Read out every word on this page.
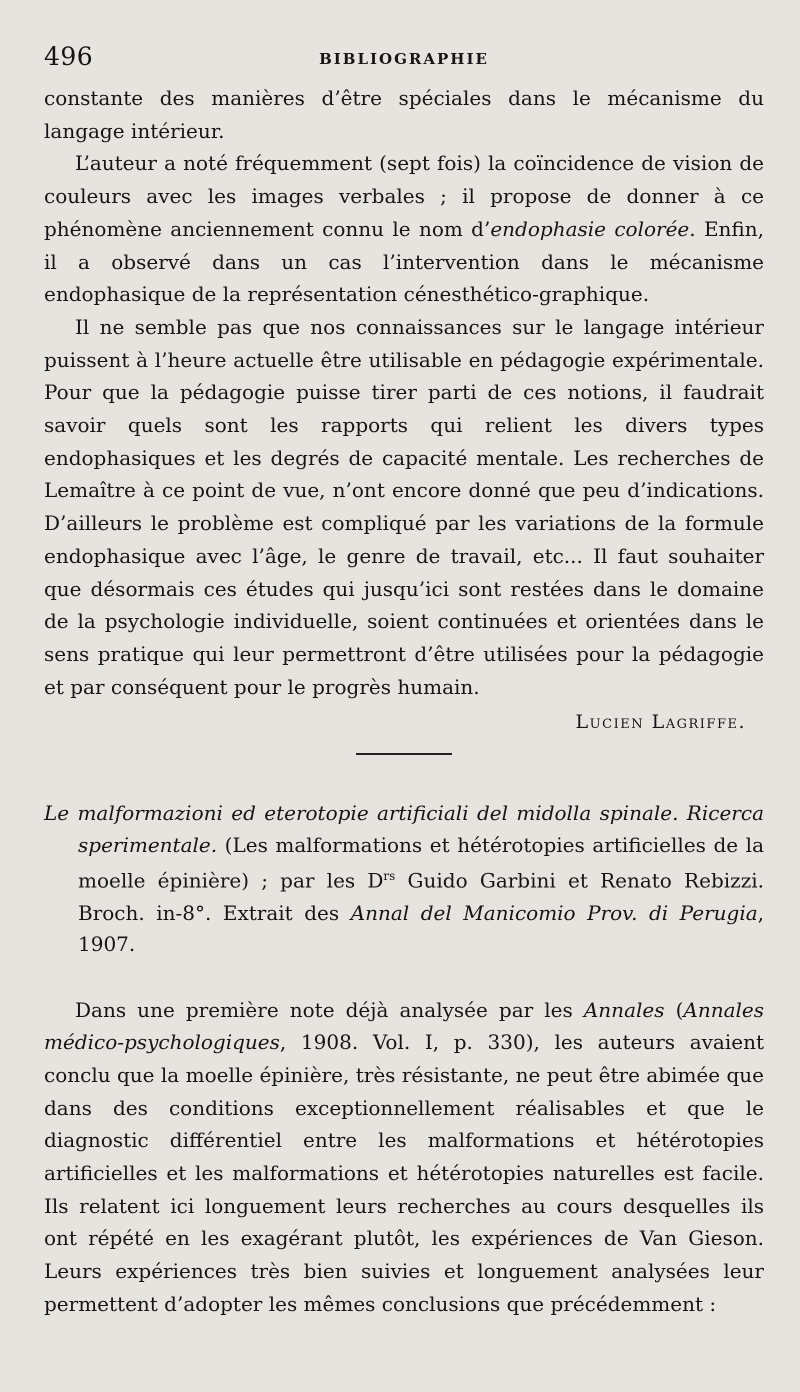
496	BIBLIOGRAPHIE

constante des manières d’être spéciales dans le mécanisme du langage intérieur.

L’auteur a noté fréquemment (sept fois) la coïncidence de vision de couleurs avec les images verbales ; il propose de donner à ce phénomène anciennement connu le nom d’endophasie colorée. Enfin, il a observé dans un cas l’intervention dans le mécanisme endophasique de la représentation cénesthético-graphique.

Il ne semble pas que nos connaissances sur le langage intérieur puissent à l’heure actuelle être utilisable en pédagogie expérimentale. Pour que la pédagogie puisse tirer parti de ces notions, il faudrait savoir quels sont les rapports qui relient les divers types endophasiques et les degrés de capacité mentale. Les recherches de Lemaître à ce point de vue, n’ont encore donné que peu d’indications. D’ailleurs le problème est compliqué par les variations de la formule endophasique avec l’âge, le genre de travail, etc... Il faut souhaiter que désormais ces études qui jusqu’ici sont restées dans le domaine de la psychologie individuelle, soient continuées et orientées dans le sens pratique qui leur permettront d’être utilisées pour la pédagogie et par conséquent pour le progrès humain.

Lucien Lagriffe.

Le malformazioni ed eterotopie artificiali del midolla spinale. Ricerca sperimentale. (Les malformations et hétérotopies artificielles de la moelle épinière) ; par les $D^{rs}$ Guido Garbini et Renato Rebizzi. Broch. in-8°. Extrait des Annal del Manicomio Prov. di Perugia, 1907.

Dans une première note déjà analysée par les Annales (Annales médico-psychologiques, 1908. Vol. I, p. 330), les auteurs avaient conclu que la moelle épinière, très résistante, ne peut être abimée que dans des conditions exceptionnellement réalisables et que le diagnostic différentiel entre les malformations et hétérotopies artificielles et les malformations et hétérotopies naturelles est facile. Ils relatent ici longuement leurs recherches au cours desquelles ils ont répété en les exagérant plutôt, les expériences de Van Gieson. Leurs expériences très bien suivies et longuement analysées leur permettent d’adopter les mêmes conclusions que précédemment :
